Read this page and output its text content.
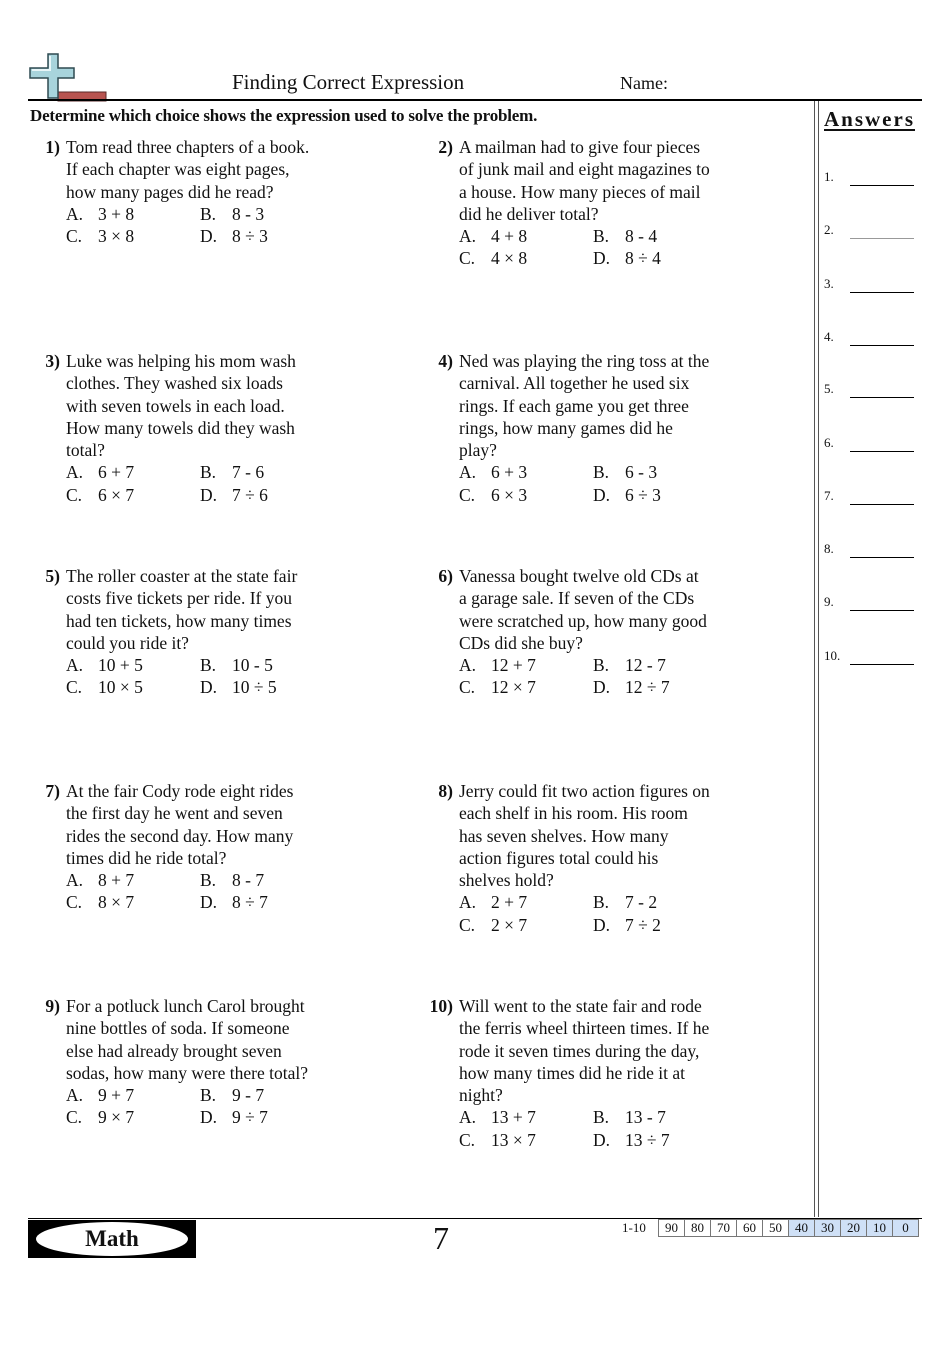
Finding Correct Expression	Name:
Determine which choice shows the expression used to solve the problem.	Answers
1.
2.
3.
4.
5.
6.
7.
8.
9.
10.
1) Tom read three chapters of a book.
If each chapter was eight pages,
how many pages did he read?
A. 3 + 8	B. 8 - 3
C. 3 × 8	D. 8 ÷ 3
2) A mailman had to give four pieces
of junk mail and eight magazines to
a house. How many pieces of mail
did he deliver total?
A. 4 + 8	B. 8 - 4
C. 4 × 8	D. 8 ÷ 4
3) Luke was helping his mom wash
clothes. They washed six loads
with seven towels in each load.
How many towels did they wash
total?
A. 6 + 7	B. 7 - 6
C. 6 × 7	D. 7 ÷ 6
4) Ned was playing the ring toss at the
carnival. All together he used six
rings. If each game you get three
rings, how many games did he
play?
A. 6 + 3	B. 6 - 3
C. 6 × 3	D. 6 ÷ 3
5) The roller coaster at the state fair
costs five tickets per ride. If you
had ten tickets, how many times
could you ride it?
A. 10 + 5	B. 10 - 5
C. 10 × 5	D. 10 ÷ 5
6) Vanessa bought twelve old CDs at
a garage sale. If seven of the CDs
were scratched up, how many good
CDs did she buy?
A. 12 + 7	B. 12 - 7
C. 12 × 7	D. 12 ÷ 7
7) At the fair Cody rode eight rides
the first day he went and seven
rides the second day. How many
times did he ride total?
A. 8 + 7	B. 8 - 7
C. 8 × 7	D. 8 ÷ 7
8) Jerry could fit two action figures on
each shelf in his room. His room
has seven shelves. How many
action figures total could his
shelves hold?
A. 2 + 7	B. 7 - 2
C. 2 × 7	D. 7 ÷ 2
9) For a potluck lunch Carol brought
nine bottles of soda. If someone
else had already brought seven
sodas, how many were there total?
A. 9 + 7	B. 9 - 7
C. 9 × 7	D. 9 ÷ 7
10) Will went to the state fair and rode
the ferris wheel thirteen times. If he
rode it seven times during the day,
how many times did he ride it at
night?
A. 13 + 7	B. 13 - 7
C. 13 × 7	D. 13 ÷ 7
Math	7	1-10 90	80	70	60	50	40	30	20	10	0
